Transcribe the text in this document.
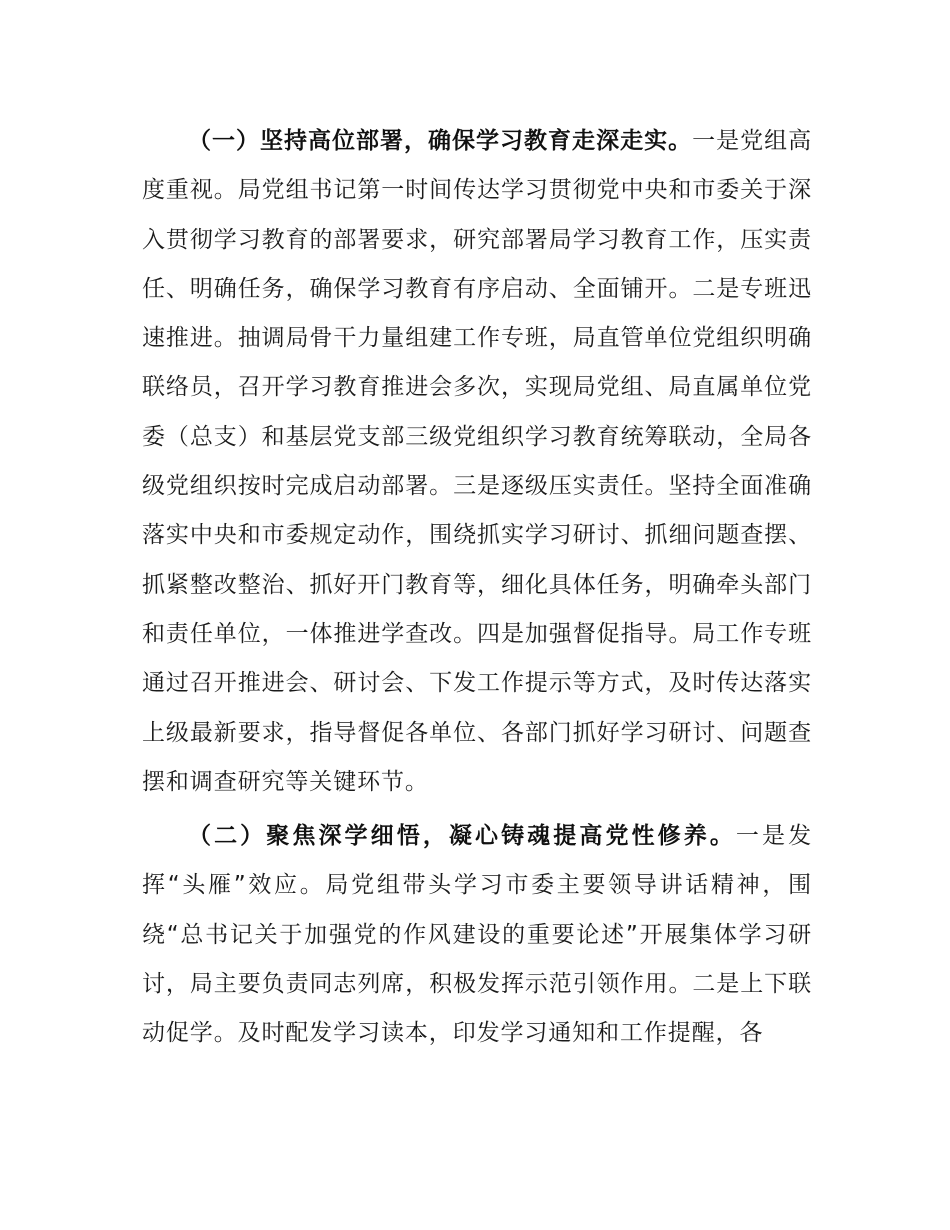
（一）坚持高位部署，确保学习教育走深走实。一是党组高度重视。局党组书记第一时间传达学习贯彻党中央和市委关于深入贯彻学习教育的部署要求，研究部署局学习教育工作，压实责任、明确任务，确保学习教育有序启动、全面铺开。二是专班迅速推进。抽调局骨干力量组建工作专班，局直管单位党组织明确联络员，召开学习教育推进会多次，实现局党组、局直属单位党委（总支）和基层党支部三级党组织学习教育统筹联动，全局各级党组织按时完成启动部署。三是逐级压实责任。坚持全面准确落实中央和市委规定动作，围绕抓实学习研讨、抓细问题查摆、抓紧整改整治、抓好开门教育等，细化具体任务，明确牵头部门和责任单位，一体推进学查改。四是加强督促指导。局工作专班通过召开推进会、研讨会、下发工作提示等方式，及时传达落实上级最新要求，指导督促各单位、各部门抓好学习研讨、问题查摆和调查研究等关键环节。

（二）聚焦深学细悟，凝心铸魂提高党性修养。一是发挥“头雁”效应。局党组带头学习市委主要领导讲话精神，围绕“总书记关于加强党的作风建设的重要论述”开展集体学习研讨，局主要负责同志列席，积极发挥示范引领作用。二是上下联动促学。及时配发学习读本，印发学习通知和工作提醒，各
